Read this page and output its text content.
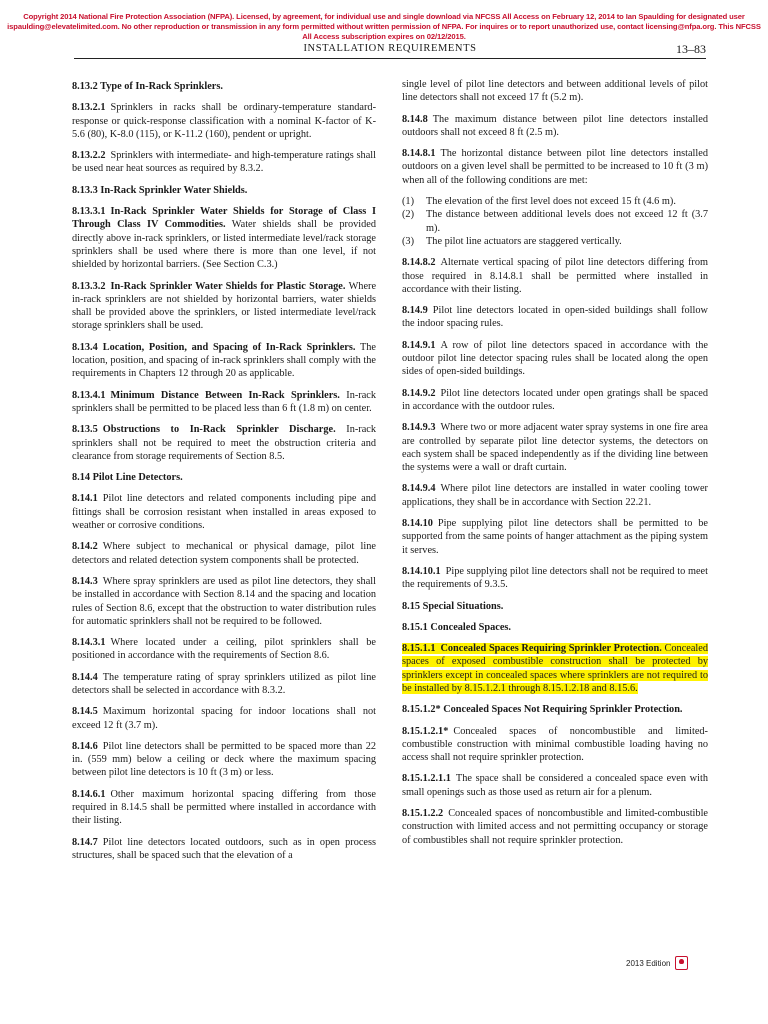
Copyright 2014 National Fire Protection Association (NFPA). Licensed, by agreement, for individual use and single download via NFCSS All Access on February 12, 2014 to Ian Spaulding for designated user ispaulding@elevatelimited.com. No other reproduction or transmission in any form permitted without written permission of NFPA. For inquires or to report unauthorized use, contact licensing@nfpa.org. This NFCSS All Access subscription expires on 02/12/2015.
INSTALLATION REQUIREMENTS	13–83
8.13.2 Type of In-Rack Sprinklers.
8.13.2.1 Sprinklers in racks shall be ordinary-temperature standard-response or quick-response classification with a nominal K-factor of K-5.6 (80), K-8.0 (115), or K-11.2 (160), pendent or upright.
8.13.2.2 Sprinklers with intermediate- and high-temperature ratings shall be used near heat sources as required by 8.3.2.
8.13.3 In-Rack Sprinkler Water Shields.
8.13.3.1 In-Rack Sprinkler Water Shields for Storage of Class I Through Class IV Commodities. Water shields shall be provided directly above in-rack sprinklers, or listed intermediate level/rack storage sprinklers shall be used where there is more than one level, if not shielded by horizontal barriers. (See Section C.3.)
8.13.3.2 In-Rack Sprinkler Water Shields for Plastic Storage. Where in-rack sprinklers are not shielded by horizontal barriers, water shields shall be provided above the sprinklers, or listed intermediate level/rack storage sprinklers shall be used.
8.13.4 Location, Position, and Spacing of In-Rack Sprinklers. The location, position, and spacing of in-rack sprinklers shall comply with the requirements in Chapters 12 through 20 as applicable.
8.13.4.1 Minimum Distance Between In-Rack Sprinklers. In-rack sprinklers shall be permitted to be placed less than 6 ft (1.8 m) on center.
8.13.5 Obstructions to In-Rack Sprinkler Discharge. In-rack sprinklers shall not be required to meet the obstruction criteria and clearance from storage requirements of Section 8.5.
8.14 Pilot Line Detectors.
8.14.1 Pilot line detectors and related components including pipe and fittings shall be corrosion resistant when installed in areas exposed to weather or corrosive conditions.
8.14.2 Where subject to mechanical or physical damage, pilot line detectors and related detection system components shall be protected.
8.14.3 Where spray sprinklers are used as pilot line detectors, they shall be installed in accordance with Section 8.14 and the spacing and location rules of Section 8.6, except that the obstruction to water distribution rules for automatic sprinklers shall not be required to be followed.
8.14.3.1 Where located under a ceiling, pilot sprinklers shall be positioned in accordance with the requirements of Section 8.6.
8.14.4 The temperature rating of spray sprinklers utilized as pilot line detectors shall be selected in accordance with 8.3.2.
8.14.5 Maximum horizontal spacing for indoor locations shall not exceed 12 ft (3.7 m).
8.14.6 Pilot line detectors shall be permitted to be spaced more than 22 in. (559 mm) below a ceiling or deck where the maximum spacing between pilot line detectors is 10 ft (3 m) or less.
8.14.6.1 Other maximum horizontal spacing differing from those required in 8.14.5 shall be permitted where installed in accordance with their listing.
8.14.7 Pilot line detectors located outdoors, such as in open process structures, shall be spaced such that the elevation of a
single level of pilot line detectors and between additional levels of pilot line detectors shall not exceed 17 ft (5.2 m).
8.14.8 The maximum distance between pilot line detectors installed outdoors shall not exceed 8 ft (2.5 m).
8.14.8.1 The horizontal distance between pilot line detectors installed outdoors on a given level shall be permitted to be increased to 10 ft (3 m) when all of the following conditions are met:
(1) The elevation of the first level does not exceed 15 ft (4.6 m).
(2) The distance between additional levels does not exceed 12 ft (3.7 m).
(3) The pilot line actuators are staggered vertically.
8.14.8.2 Alternate vertical spacing of pilot line detectors differing from those required in 8.14.8.1 shall be permitted where installed in accordance with their listing.
8.14.9 Pilot line detectors located in open-sided buildings shall follow the indoor spacing rules.
8.14.9.1 A row of pilot line detectors spaced in accordance with the outdoor pilot line detector spacing rules shall be located along the open sides of open-sided buildings.
8.14.9.2 Pilot line detectors located under open gratings shall be spaced in accordance with the outdoor rules.
8.14.9.3 Where two or more adjacent water spray systems in one fire area are controlled by separate pilot line detector systems, the detectors on each system shall be spaced independently as if the dividing line between the systems were a wall or draft curtain.
8.14.9.4 Where pilot line detectors are installed in water cooling tower applications, they shall be in accordance with Section 22.21.
8.14.10 Pipe supplying pilot line detectors shall be permitted to be supported from the same points of hanger attachment as the piping system it serves.
8.14.10.1 Pipe supplying pilot line detectors shall not be required to meet the requirements of 9.3.5.
8.15 Special Situations.
8.15.1 Concealed Spaces.
8.15.1.1 Concealed Spaces Requiring Sprinkler Protection. Concealed spaces of exposed combustible construction shall be protected by sprinklers except in concealed spaces where sprinklers are not required to be installed by 8.15.1.2.1 through 8.15.1.2.18 and 8.15.6.
8.15.1.2* Concealed Spaces Not Requiring Sprinkler Protection.
8.15.1.2.1* Concealed spaces of noncombustible and limited-combustible construction with minimal combustible loading having no access shall not require sprinkler protection.
8.15.1.2.1.1 The space shall be considered a concealed space even with small openings such as those used as return air for a plenum.
8.15.1.2.2 Concealed spaces of noncombustible and limited-combustible construction with limited access and not permitting occupancy or storage of combustibles shall not require sprinkler protection.
2013 Edition
